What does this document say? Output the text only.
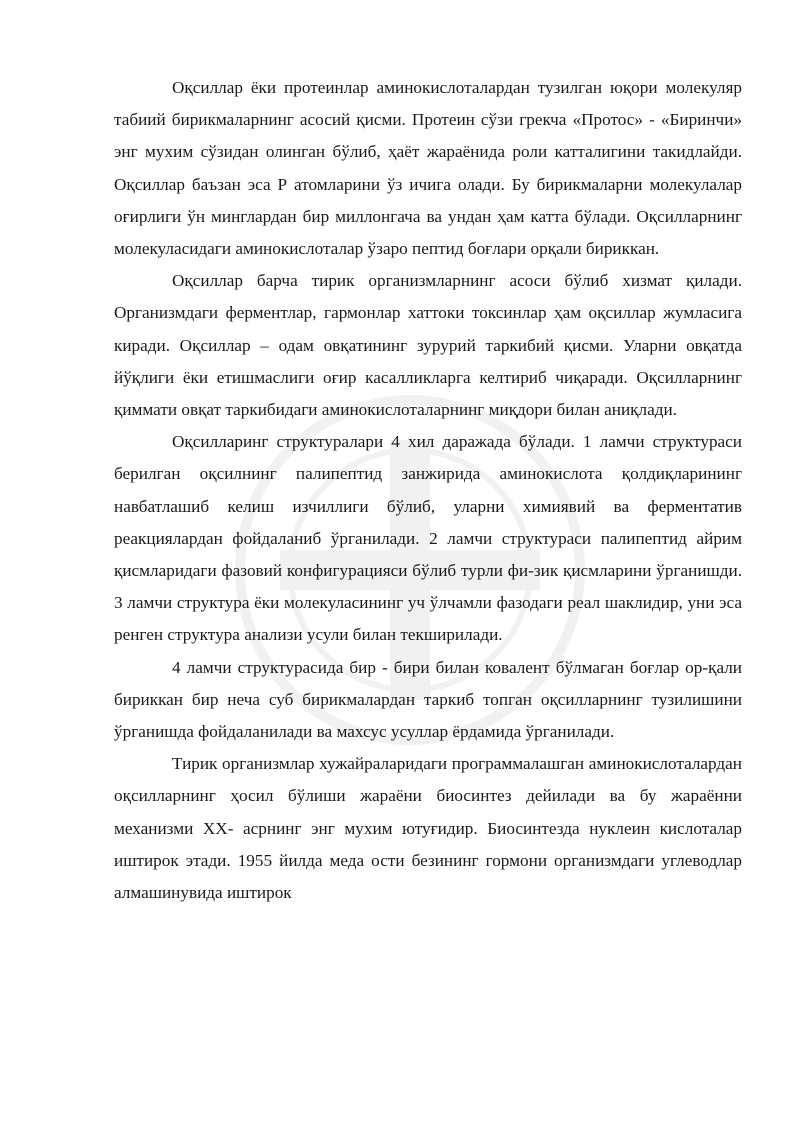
Оқсиллар ёки протеинлар аминокислоталардан тузилган юқори молекуляр табиий бирикмаларнинг асосий қисми. Протеин сўзи грекча «Протос» - «Биринчи» энг мухим сўзидан олинган бўлиб, ҳаёт жараёнида роли катталигини такидлайди. Оқсиллар баъзан эса Р атомларини ўз ичига олади. Бу бирикмаларни молекулалар оғирлиги ўн минглардан бир миллонгача ва ундан ҳам катта бўлади. Оқсилларнинг молекуласидаги аминокислоталар ўзаро пептид боғлари орқали бириккан.

Оқсиллар барча тирик организмларнинг асоси бўлиб хизмат қилади. Организмдаги ферментлар, гармонлар хаттоки токсинлар ҳам оқсиллар жумласига киради. Оқсиллар – одам овқатининг зурурий таркибий қисми. Уларни овқатда йўқлиги ёки етишмаслиги оғир касалликларга келтириб чиқаради. Оқсилларнинг қиммати овқат таркибидаги аминокислоталарнинг миқдори билан аниқлади.

Оқсилларинг структуралари 4 хил даражада бўлади. 1 ламчи структураси берилган оқсилнинг палипептид занжирида аминокислота қолдиқларининг навбатлашиб келиш изчиллиги бўлиб, уларни химиявий ва ферментатив реакциялардан фойдаланиб ўрганилади. 2 ламчи структураси палипептид айрим қисмларидаги фазовий конфигурацияси бўлиб турли фи-зик қисмларини ўрганишди. 3 ламчи структура ёки молекуласининг уч ўлчамли фазодаги реал шаклидир, уни эса ренген структура анализи усули билан текширилади.

4 ламчи структурасида бир - бири билан ковалент бўлмаган боғлар ор-қали бириккан бир неча суб бирикмалардан таркиб топган оқсилларнинг тузилишини ўрганишда фойдаланилади ва махсус усуллар ёрдамида ўрганилади.

Тирик организмлар хужайраларидаги программалашган аминокислоталардан оқсилларнинг ҳосил бўлиши жараёни биосинтез дейилади ва бу жараённи механизми ХХ- асрнинг энг мухим ютуғидир. Биосинтезда нуклеин кислоталар иштирок этади. 1955 йилда меда ости безининг гормони организмдаги углеводлар алмашинувида иштирок
